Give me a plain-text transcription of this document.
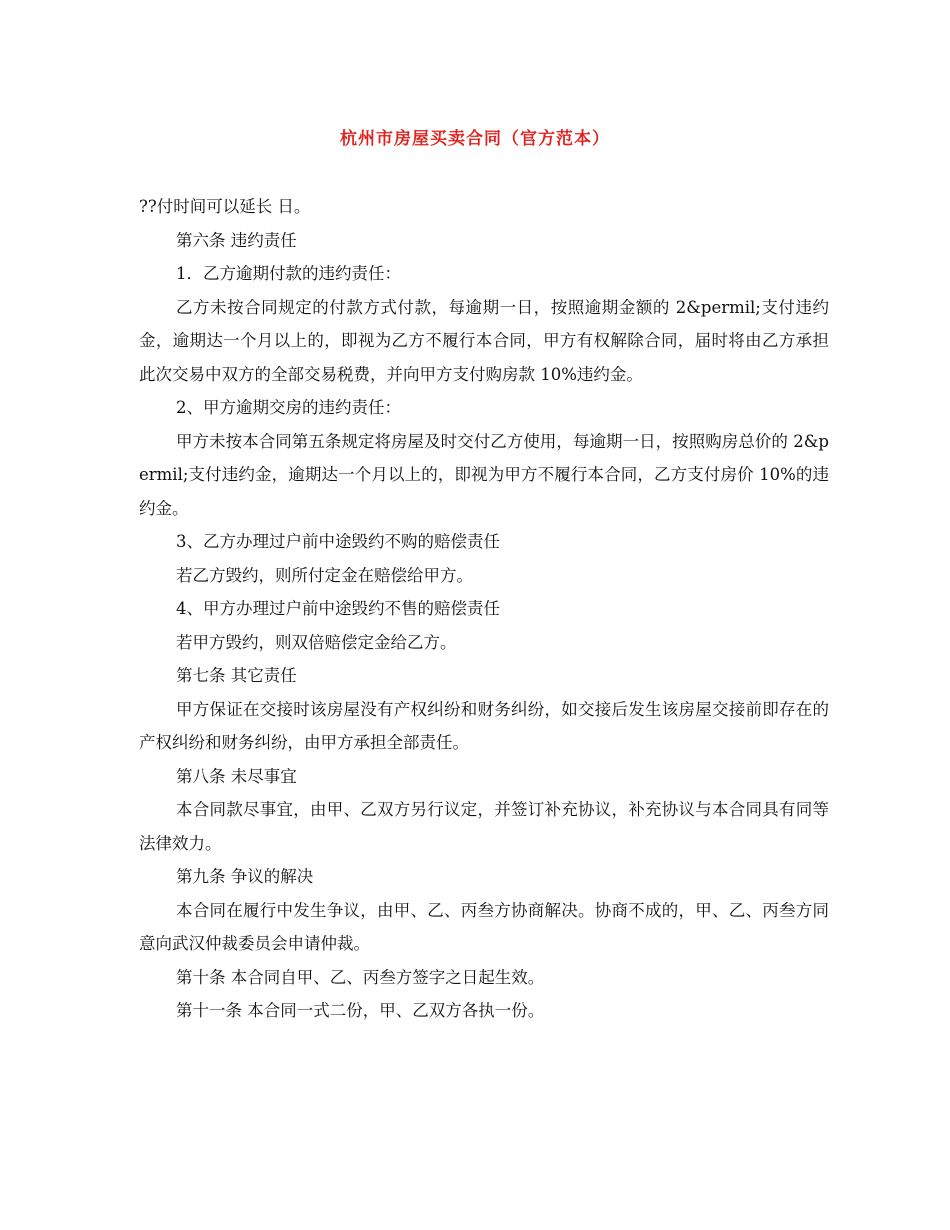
杭州市房屋买卖合同（官方范本）

??付时间可以延长 日。

第六条 违约责任

1．乙方逾期付款的违约责任：

乙方未按合同规定的付款方式付款，每逾期一日，按照逾期金额的 2&permil;支付违约金，逾期达一个月以上的，即视为乙方不履行本合同，甲方有权解除合同，届时将由乙方承担此次交易中双方的全部交易税费，并向甲方支付购房款 10%违约金。

2、甲方逾期交房的违约责任：

甲方未按本合同第五条规定将房屋及时交付乙方使用，每逾期一日，按照购房总价的 2&permil;支付违约金，逾期达一个月以上的，即视为甲方不履行本合同，乙方支付房价 10%的违约金。

3、乙方办理过户前中途毁约不购的赔偿责任

若乙方毁约，则所付定金在赔偿给甲方。

4、甲方办理过户前中途毁约不售的赔偿责任

若甲方毁约，则双倍赔偿定金给乙方。

第七条 其它责任

甲方保证在交接时该房屋没有产权纠纷和财务纠纷，如交接后发生该房屋交接前即存在的产权纠纷和财务纠纷，由甲方承担全部责任。

第八条 未尽事宜

本合同款尽事宜，由甲、乙双方另行议定，并签订补充协议，补充协议与本合同具有同等法律效力。

第九条 争议的解决

本合同在履行中发生争议，由甲、乙、丙叁方协商解决。协商不成的，甲、乙、丙叁方同意向武汉仲裁委员会申请仲裁。

第十条 本合同自甲、乙、丙叁方签字之日起生效。

第十一条 本合同一式二份，甲、乙双方各执一份。
